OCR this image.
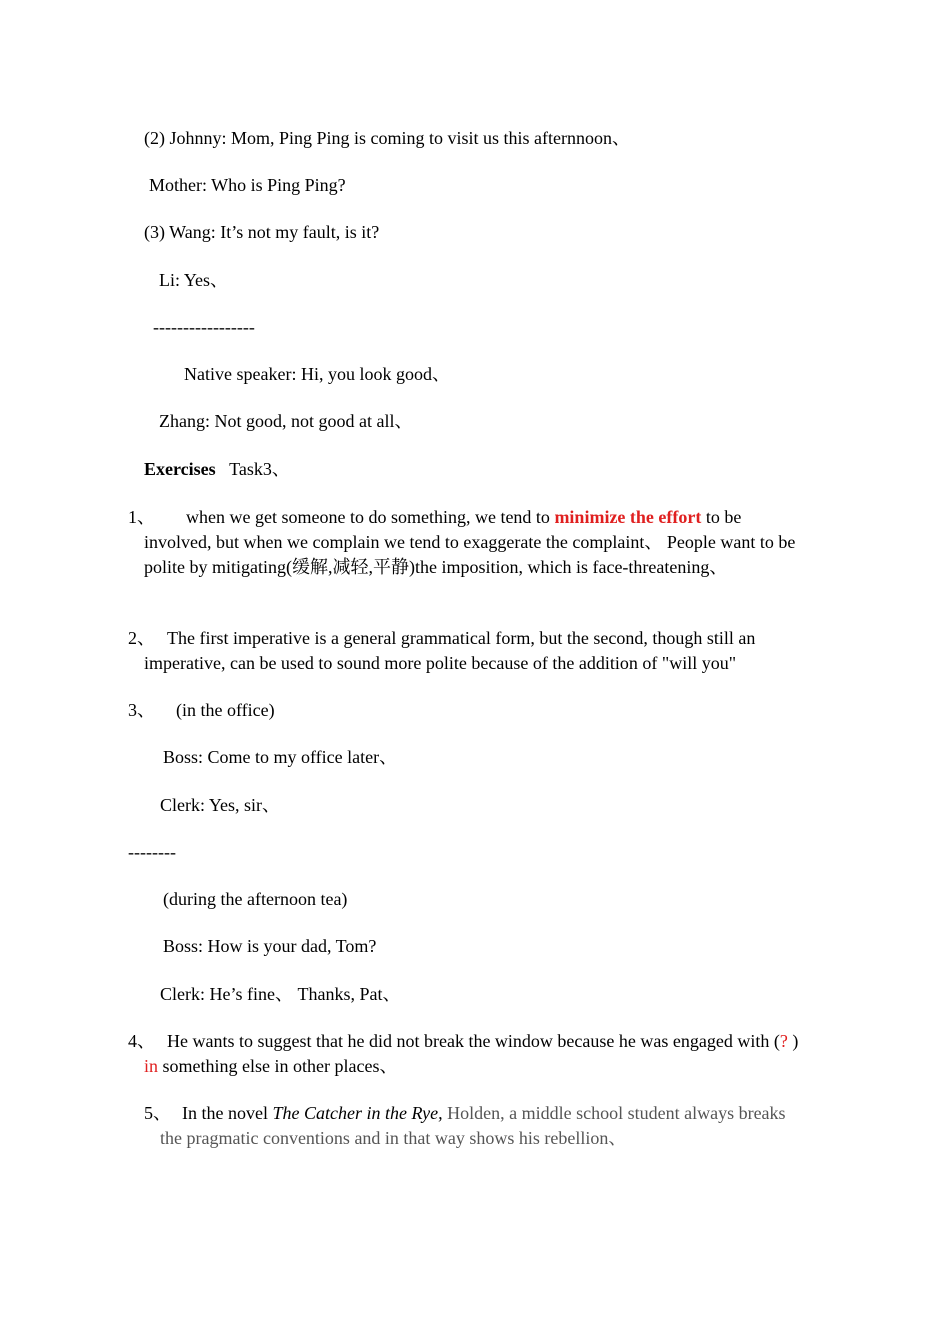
(2) Johnny: Mom, Ping Ping is coming to visit us this afternnoon、
Mother: Who is Ping Ping?
(3) Wang: It’s not my fault, is it?
Li: Yes、
-----------------
Native speaker: Hi, you look good、
Zhang: Not good, not good at all、
Exercises Task3、
1、	when we get someone to do something, we tend to minimize the effort to be involved, but when we complain we tend to exaggerate the complaint、 People want to be polite by mitigating(缓解,减轻,平静)the imposition, which is face-threatening、
2、 The first imperative is a general grammatical form, but the second, though still an imperative, can be used to sound more polite because of the addition of "will you"
3、 (in the office)
Boss: Come to my office later、
Clerk: Yes, sir、
--------
(during the afternoon tea)
Boss: How is your dad, Tom?
Clerk: He’s fine、 Thanks, Pat、
4、 He wants to suggest that he did not break the window because he was engaged with (? ) in something else in other places、
5、 In the novel The Catcher in the Rye, Holden, a middle school student always breaks the pragmatic conventions and in that way shows his rebellion、
